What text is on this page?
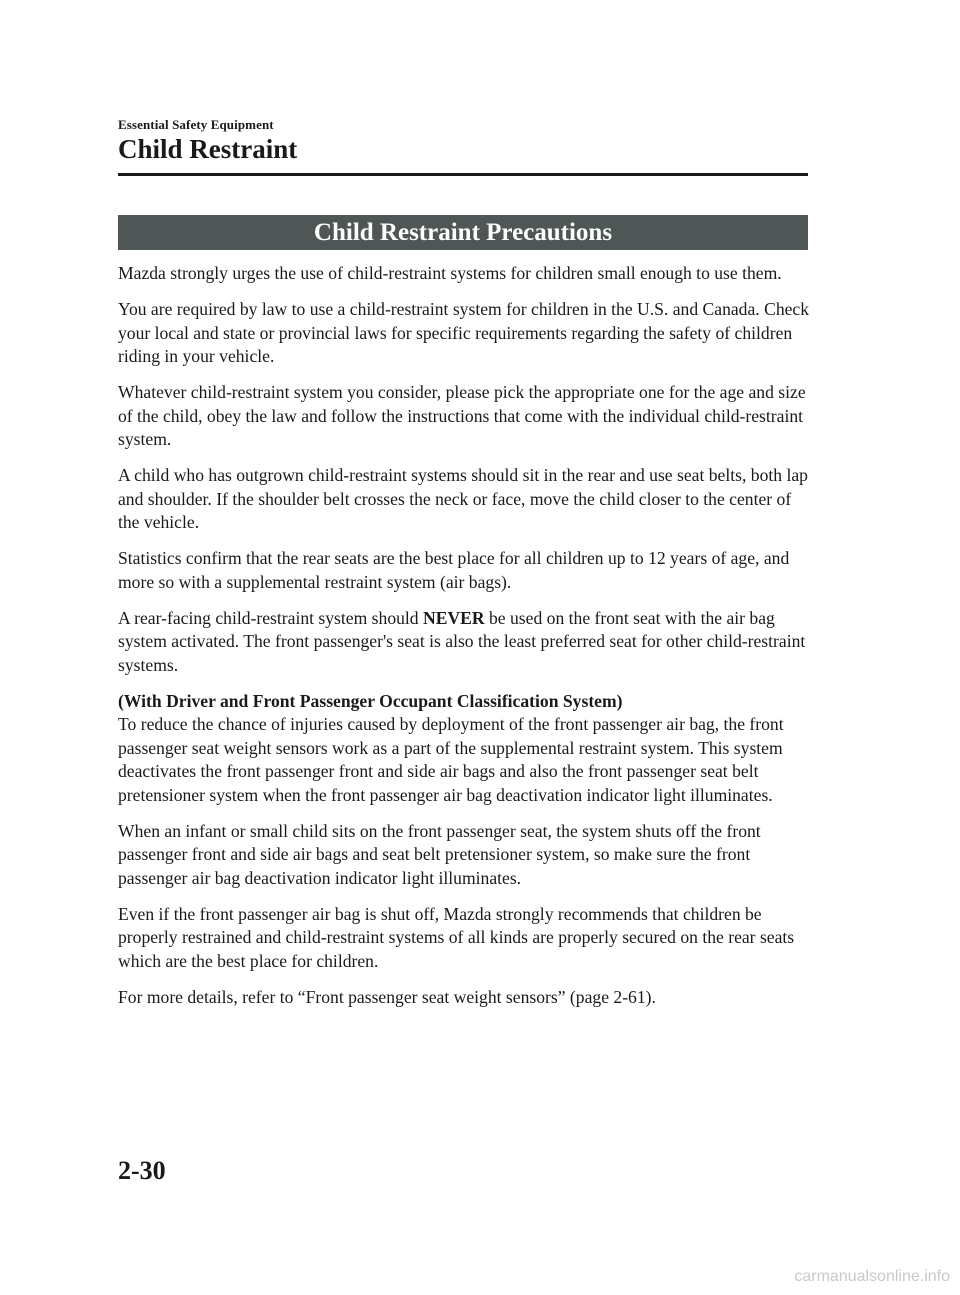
Essential Safety Equipment
Child Restraint
Child Restraint Precautions

Mazda strongly urges the use of child-restraint systems for children small enough to use them.

You are required by law to use a child-restraint system for children in the U.S. and Canada. Check your local and state or provincial laws for specific requirements regarding the safety of children riding in your vehicle.

Whatever child-restraint system you consider, please pick the appropriate one for the age and size of the child, obey the law and follow the instructions that come with the individual child-restraint system.

A child who has outgrown child-restraint systems should sit in the rear and use seat belts, both lap and shoulder. If the shoulder belt crosses the neck or face, move the child closer to the center of the vehicle.

Statistics confirm that the rear seats are the best place for all children up to 12 years of age, and more so with a supplemental restraint system (air bags).

A rear-facing child-restraint system should NEVER be used on the front seat with the air bag system activated. The front passenger's seat is also the least preferred seat for other child-restraint systems.

(With Driver and Front Passenger Occupant Classification System)
To reduce the chance of injuries caused by deployment of the front passenger air bag, the front passenger seat weight sensors work as a part of the supplemental restraint system. This system deactivates the front passenger front and side air bags and also the front passenger seat belt pretensioner system when the front passenger air bag deactivation indicator light illuminates.

When an infant or small child sits on the front passenger seat, the system shuts off the front passenger front and side air bags and seat belt pretensioner system, so make sure the front passenger air bag deactivation indicator light illuminates.

Even if the front passenger air bag is shut off, Mazda strongly recommends that children be properly restrained and child-restraint systems of all kinds are properly secured on the rear seats which are the best place for children.

For more details, refer to “Front passenger seat weight sensors” (page 2-61).

2-30
carmanualsonline.info
